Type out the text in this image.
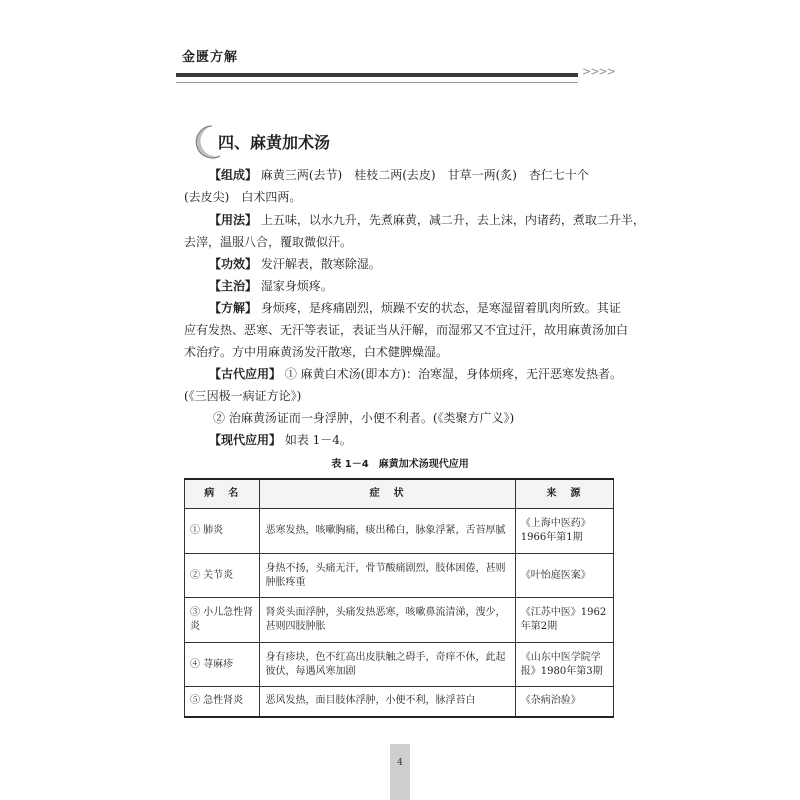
金匮方解
>>>>
四、麻黄加术汤
【组成】 麻黄三两(去节)　桂枝二两(去皮)　甘草一两(炙)　杏仁七十个
(去皮尖)　白术四两。
【用法】 上五味，以水九升，先煮麻黄，减二升，去上沫，内诸药，煮取二升半，
去滓，温服八合，覆取微似汗。
【功效】 发汗解表，散寒除湿。
【主治】 湿家身烦疼。
【方解】 身烦疼，是疼痛剧烈，烦躁不安的状态，是寒湿留着肌肉所致。其证
应有发热、恶寒、无汗等表证，表证当从汗解，而湿邪又不宜过汗，故用麻黄汤加白
术治疗。方中用麻黄汤发汗散寒，白术健脾燥湿。
【古代应用】 ① 麻黄白术汤(即本方)：治寒湿，身体烦疼，无汗恶寒发热者。
(《三因极一病证方论》)
② 治麻黄汤证而一身浮肿，小便不利者。(《类聚方广义》)
【现代应用】 如表 1－4。
表 1－4　麻黄加术汤现代应用
病　名	症　状	来　源
① 肺炎	恶寒发热，咳嗽胸痛，痰出稀白，脉象浮紧，舌苔厚腻	《上海中医药》1966年第1期
② 关节炎	身热不扬，头痛无汗，骨节酸痛剧烈，肢体困倦，甚则肿胀疼重	《叶怡庭医案》
③ 小儿急性肾炎	肾炎头面浮肿，头痛发热恶寒，咳嗽鼻流清涕，溲少，甚则四肢肿胀	《江苏中医》1962年第2期
④ 荨麻疹	身有疹块，色不红高出皮肤触之碍手，奇痒不休，此起彼伏，每遇风寒加剧	《山东中医学院学报》1980年第3期
⑤ 急性肾炎	恶风发热，面目肢体浮肿，小便不利，脉浮苔白	《杂病治验》
4
